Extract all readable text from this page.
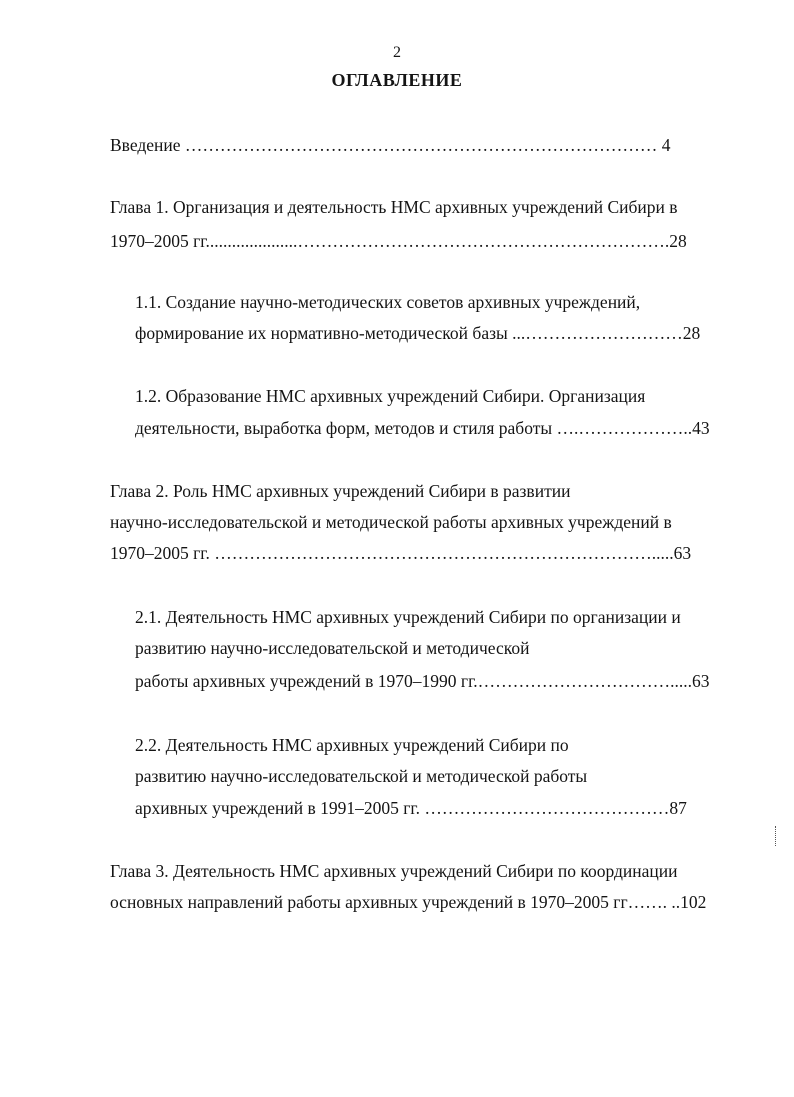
2
ОГЛАВЛЕНИЕ
Введение ……………………………………………………………………… 4
Глава 1. Организация и деятельность НМС архивных учреждений Сибири в
1970–2005 гг.....................……………………………………………………….28
1.1. Создание научно-методических советов архивных учреждений,
формирование их нормативно-методической базы ...………………………28
1.2. Образование НМС архивных учреждений Сибири. Организация
деятельности, выработка форм, методов и стиля работы ….………………..43
Глава 2. Роль НМС архивных учреждений Сибири в развитии
научно-исследовательской и методической работы архивных учреждений в
1970–2005 гг. ………………………………………………………………….....63
2.1. Деятельность НМС архивных учреждений Сибири по организации и
развитию научно-исследовательской и методической
работы архивных учреждений в 1970–1990 гг.…………………………….....63
2.2. Деятельность НМС архивных учреждений Сибири по
развитию научно-исследовательской и методической работы
архивных учреждений в 1991–2005 гг. ……………………………………87
Глава 3. Деятельность НМС архивных учреждений Сибири по координации
основных направлений работы архивных учреждений в 1970–2005 гг……. ..102
